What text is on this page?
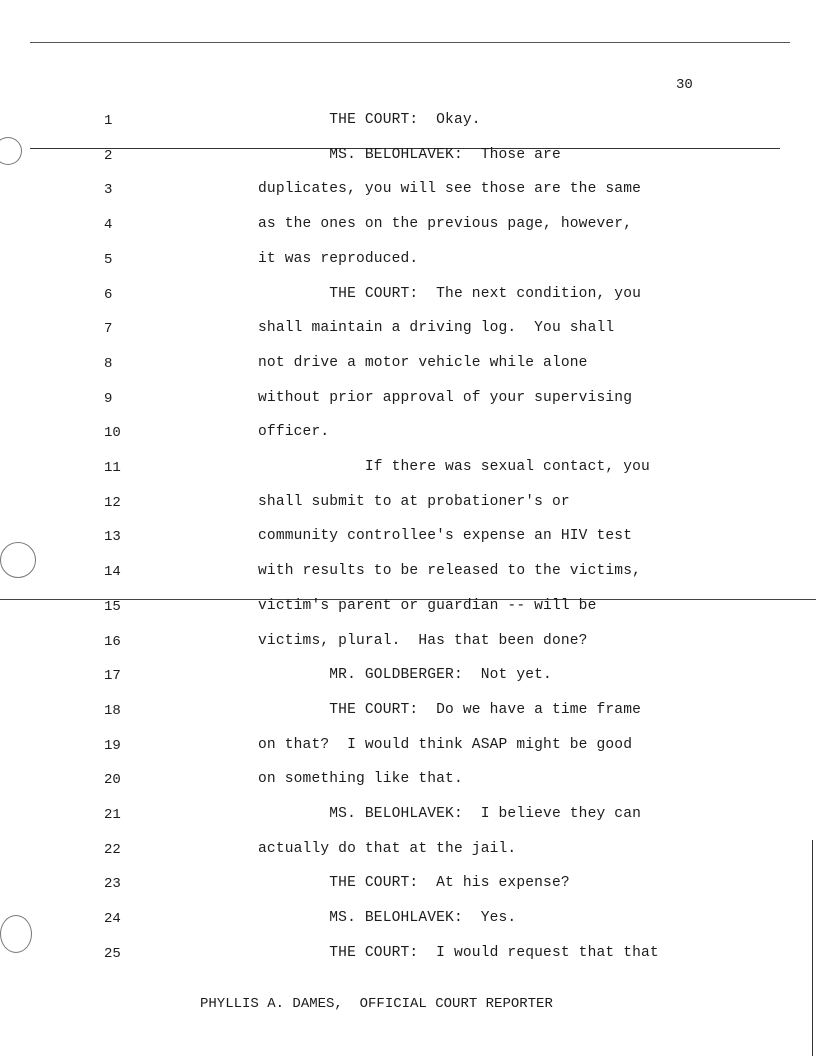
30
1	THE COURT:  Okay.
2	MS. BELOHLAVEK:  Those are
3	duplicates, you will see those are the same
4	as the ones on the previous page, however,
5	it was reproduced.
6	THE COURT:  The next condition, you
7	shall maintain a driving log.  You shall
8	not drive a motor vehicle while alone
9	without prior approval of your supervising
10	officer.
11	If there was sexual contact, you
12	shall submit to at probationer's or
13	community controllee's expense an HIV test
14	with results to be released to the victims,
15	victim's parent or guardian -- will be
16	victims, plural.  Has that been done?
17	MR. GOLDBERGER:  Not yet.
18	THE COURT:  Do we have a time frame
19	on that?  I would think ASAP might be good
20	on something like that.
21	MS. BELOHLAVEK:  I believe they can
22	actually do that at the jail.
23	THE COURT:  At his expense?
24	MS. BELOHLAVEK:  Yes.
25	THE COURT:  I would request that that
PHYLLIS A. DAMES,  OFFICIAL COURT REPORTER
